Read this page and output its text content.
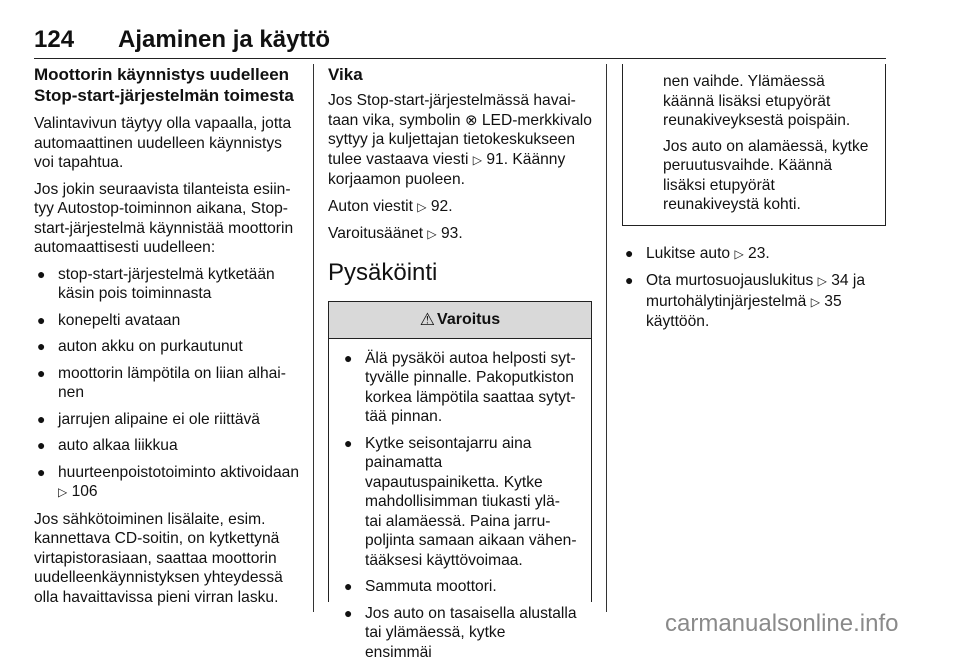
124 Ajaminen ja käyttö
Moottorin käynnistys uudelleen Stop-start-järjestelmän toimesta

Valintavivun täytyy olla vapaalla, jotta automaattinen uudelleen käynnistys voi tapahtua.

Jos jokin seuraavista tilanteista esiintyy Autostop-toiminnon aikana, Stop-start-järjestelmä käynnistää moottorin automaattisesti uudelleen:

● stop-start-järjestelmä kytketään käsin pois toiminnasta
● konepelti avataan
● auton akku on purkautunut
● moottorin lämpötila on liian alhainen
● jarrujen alipaine ei ole riittävä
● auto alkaa liikkua
● huurteenpoistotoiminto aktivoidaan ▷ 106

Jos sähkötoiminen lisälaite, esim. kannettava CD-soitin, on kytkettynä virtapistorasiaan, saattaa moottorin uudelleenkäynnistyksen yhteydessä olla havaittavissa pieni virran lasku.

Vika

Jos Stop-start-järjestelmässä havaitaan vika, symbolin ⊗ LED-merkkivalo syttyy ja kuljettajan tietokeskukseen tulee vastaava viesti ▷ 91. Käänny korjaamon puoleen.

Auton viestit ▷ 92.

Varoitusäänet ▷ 93.

Pysäköinti
⚠ Varoitus
● Älä pysäköi autoa helposti syttyvälle pinnalle. Pakoputkiston korkea lämpötila saattaa sytyttää pinnan.
● Kytke seisontajarru aina painamatta vapautuspainiketta. Kytke mahdollisimman tiukasti ylä- tai alamäessä. Paina jarrupoljinta samaan aikaan vähentääksesi käyttövoimaa.
● Sammuta moottori.
● Jos auto on tasaisella alustalla tai ylämäessä, kytke ensimmäi

nen vaihde. Ylämäessä käännä lisäksi etupyörät reunakiveyksestä poispäin.

Jos auto on alamäessä, kytke peruutusvaihde. Käännä lisäksi etupyörät reunakiveystä kohti.

● Lukitse auto ▷ 23.
● Ota murtosuojauslukitus ▷ 34 ja murtohälytinjärjestelmä ▷ 35 käyttöön.
carmanualsonline.info
